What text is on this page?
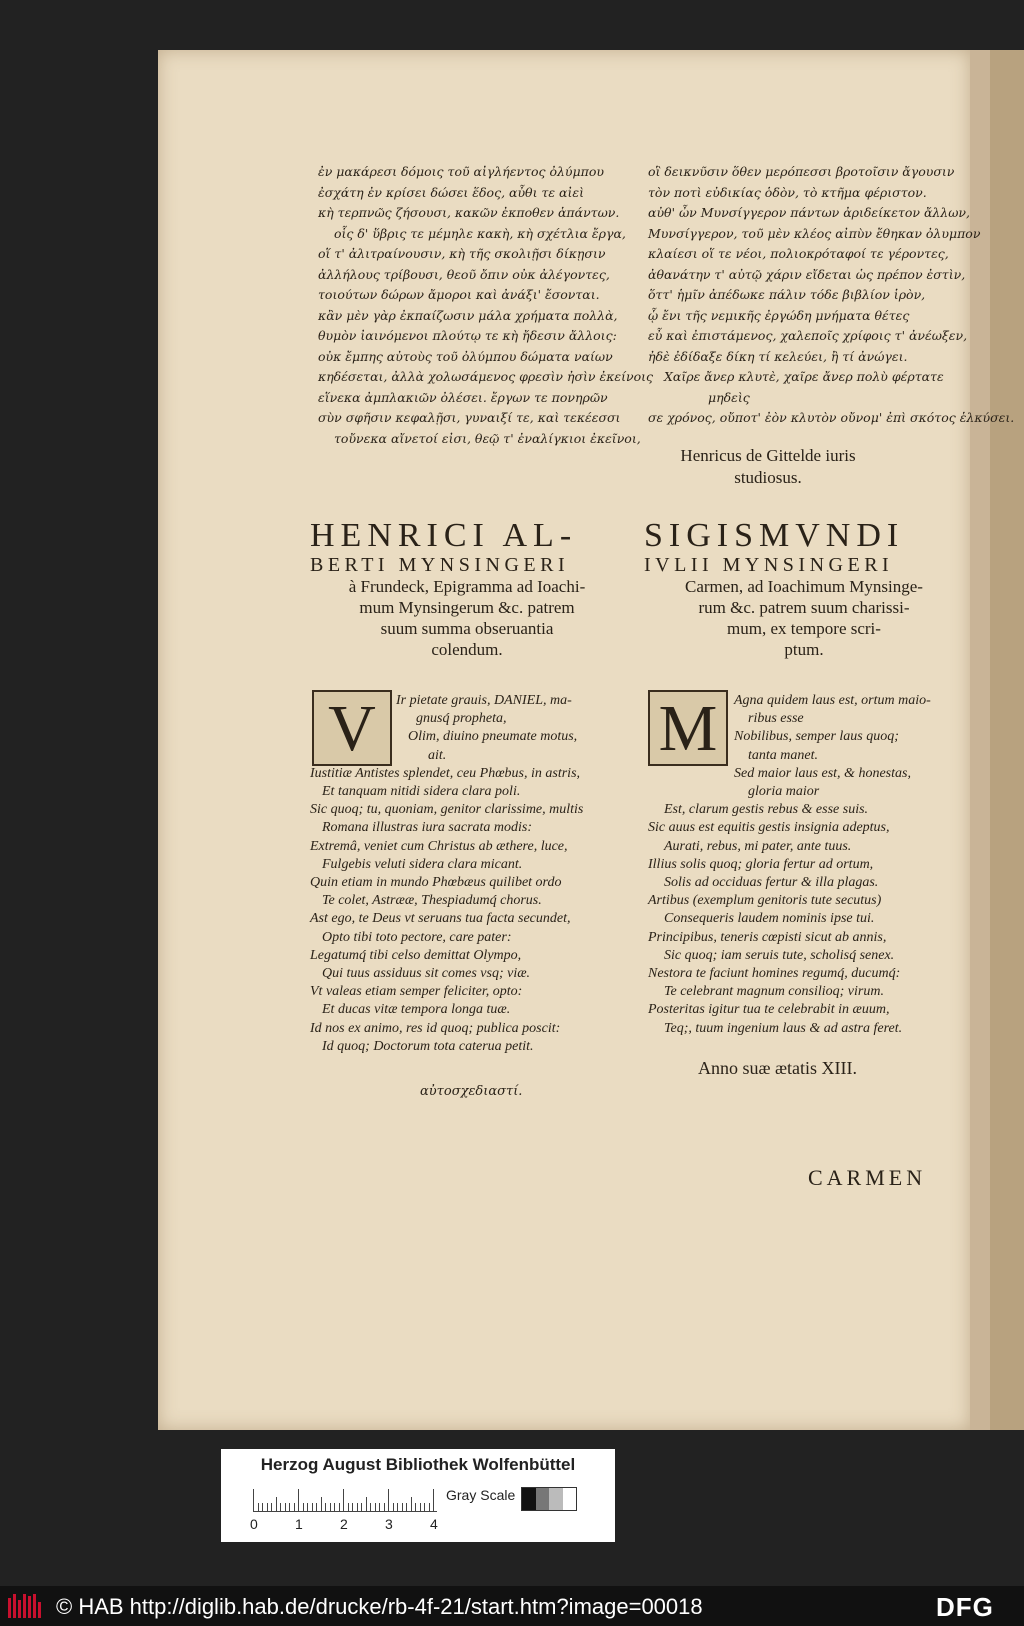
ἐν μακάρεσι δόμοις τοῦ αἰγλήεντος ὀλύμπου
ἐσχάτη ἐν κρίσει δώσει ἕδος, αὖθι τε αἰεὶ
κὴ τερπνῶς ζήσουσι, κακῶν ἐκποθεν ἁπάντων.
οἷς δ' ὕβρις τε μέμηλε κακὴ, κὴ σχέτλια ἔργα,
οἵ τ' ἀλιτραίνουσιν, κὴ τῆς σκολιῇσι δίκῃσιν
ἀλλήλους τρίβουσι, θεοῦ ὄπιν οὐκ ἀλέγοντες,
τοιούτων δώρων ἄμοροι καὶ ἀνάξι' ἔσονται.
κἂν μὲν γὰρ ἐκπαίζωσιν μάλα χρήματα πολλὰ,
θυμὸν ἰαινόμενοι πλούτῳ τε κὴ ἤδεσιν ἄλλοις:
οὐκ ἔμπης αὐτοὺς τοῦ ὀλύμπου δώματα ναίων
κηδέσεται, ἀλλὰ χολωσάμενος φρεσὶν ἠσὶν ἐκείνοις
εἵνεκα ἀμπλακιῶν ὀλέσει. ἔργων τε πονηρῶν
σὺν σφῆσιν κεφαλῇσι, γυναιξί τε, καὶ τεκέεσσι
τοὔνεκα αἴνετοί εἰσι, θεῷ τ' ἐναλίγκιοι ἐκεῖνοι,
οἳ δεικνῦσιν ὅθεν μερόπεσσι βροτοῖσιν ἄγουσιν
τὸν ποτὶ εὐδικίας ὁδὸν, τὸ κτῆμα φέριστον.
αὐθ' ὦν Μυνσίγγερον πάντων ἀριδείκετον ἄλλων,
Μυνσίγγερον, τοῦ μὲν κλέος αἰπὺν ἔθηκαν ὀλυμπον
κλαίεσι οἵ τε νέοι, πολιοκρόταφοί τε γέροντες,
ἀθανάτην τ' αὐτῷ χάριν εἴδεται ὡς πρέπον ἐστὶν,
ὅττ' ἡμῖν ἀπέδωκε πάλιν τόδε βιβλίον ἱρὸν,
ᾧ ἔνι τῆς νεμικῆς ἐργώδη μνήματα θέτες
εὖ καὶ ἐπιστάμενος, χαλεποῖς χρίφοις τ' ἀνέωξεν,
ἠδὲ ἐδίδαξε δίκη τί κελεύει, ἢ τί ἀνώγει.
Χαῖρε ἄνερ κλυτὲ, χαῖρε ἄνερ πολὺ φέρτατε
μηδεὶς
σε χρόνος, οὔποτ' ἐὸν κλυτὸν οὔνομ' ἐπὶ σκότος ἑλκύσει.
Henricus de Gittelde iuris
studiosus.
HENRICI AL-
BERTI MYNSINGERI
à Frundeck, Epigramma ad Ioachi-
mum Mynsingerum &c. patrem
suum summa obseruantia
colendum.
SIGISMVNDI
IVLII MYNSINGERI
Carmen, ad Ioachimum Mynsinge-
rum &c. patrem suum charissi-
mum, ex tempore scri-
ptum.
V	M
Ir pietate grauis, DANIEL, ma-
gnusq́ propheta,
Olim, diuino pneumate motus,
ait.
Iustitiæ Antistes splendet, ceu Phœbus, in astris,
Et tanquam nitidi sidera clara poli.
Sic quoq; tu, quoniam, genitor clarissime, multis
Romana illustras iura sacrata modis:
Extremâ, veniet cum Christus ab æthere, luce,
Fulgebis veluti sidera clara micant.
Quin etiam in mundo Phœbæus quilibet ordo
Te colet, Astrææ, Thespiadumq́ chorus.
Ast ego, te Deus vt seruans tua facta secundet,
Opto tibi toto pectore, care pater:
Legatumq́ tibi celso demittat Olympo,
Qui tuus assiduus sit comes vsq; viæ.
Vt valeas etiam semper feliciter, opto:
Et ducas vitæ tempora longa tuæ.
Id nos ex animo, res id quoq; publica poscit:
Id quoq; Doctorum tota caterua petit.
Agna quidem laus est, ortum maio-
ribus esse
Nobilibus, semper laus quoq;
tanta manet.
Sed maior laus est, & honestas,
gloria maior
Est, clarum gestis rebus & esse suis.
Sic auus est equitis gestis insignia adeptus,
Aurati, rebus, mi pater, ante tuus.
Illius solis quoq; gloria fertur ad ortum,
Solis ad occiduas fertur & illa plagas.
Artibus (exemplum genitoris tute secutus)
Consequeris laudem nominis ipse tui.
Principibus, teneris cœpisti sicut ab annis,
Sic quoq; iam seruis tute, scholisq́ senex.
Nestora te faciunt homines regumq́, ducumq́:
Te celebrant magnum consilioq; virum.
Posteritas igitur tua te celebrabit in æuum,
Teq;, tuum ingenium laus & ad astra feret.
αὐτοσχεδιαστί.
Anno suæ ætatis XIII.
CARMEN
Herzog August Bibliothek Wolfenbüttel
0	1	2	3	4
Gray Scale
© HAB http://diglib.hab.de/drucke/rb-4f-21/start.htm?image=00018	DFG
